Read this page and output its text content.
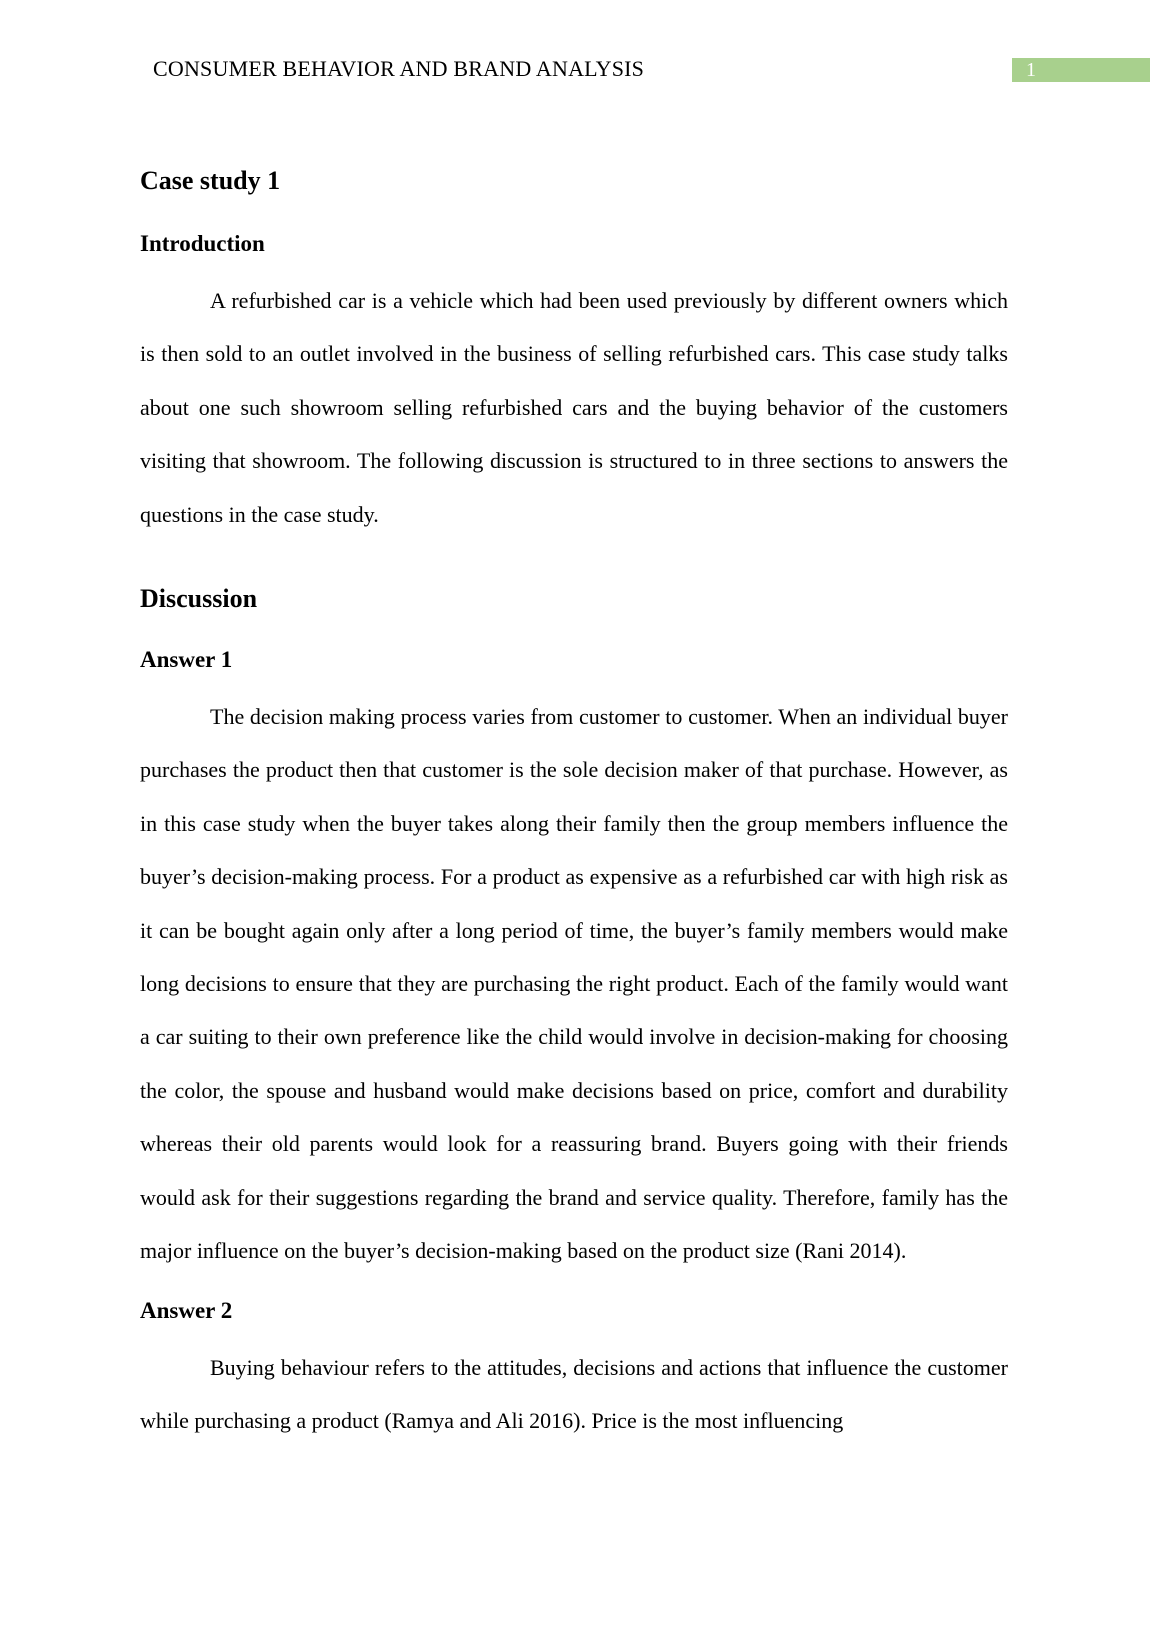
CONSUMER BEHAVIOR AND BRAND ANALYSIS	1
Case study 1
Introduction

A refurbished car is a vehicle which had been used previously by different owners which is then sold to an outlet involved in the business of selling refurbished cars. This case study talks about one such showroom selling refurbished cars and the buying behavior of the customers visiting that showroom. The following discussion is structured to in three sections to answers the questions in the case study.

Discussion
Answer 1

The decision making process varies from customer to customer. When an individual buyer purchases the product then that customer is the sole decision maker of that purchase. However, as in this case study when the buyer takes along their family then the group members influence the buyer’s decision-making process. For a product as expensive as a refurbished car with high risk as it can be bought again only after a long period of time, the buyer’s family members would make long decisions to ensure that they are purchasing the right product. Each of the family would want a car suiting to their own preference like the child would involve in decision-making for choosing the color, the spouse and husband would make decisions based on price, comfort and durability whereas their old parents would look for a reassuring brand. Buyers going with their friends would ask for their suggestions regarding the brand and service quality. Therefore, family has the major influence on the buyer’s decision-making based on the product size (Rani 2014).

Answer 2

Buying behaviour refers to the attitudes, decisions and actions that influence the customer while purchasing a product (Ramya and Ali 2016). Price is the most influencing
